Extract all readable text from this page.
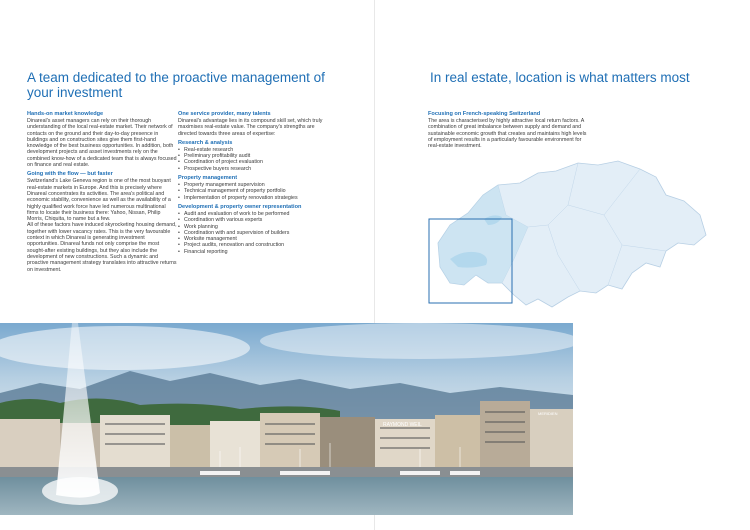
A team dedicated to the proactive management of your investment
In real estate, location is what matters most
Hands-on market knowledge

Dinareal's asset managers can rely on their thorough understanding of the local real-estate market. Their network of contacts on the ground and their day-to-day presence in buildings and on construction sites give them first-hand knowledge of the best business opportunities. In addition, both development projects and asset investments rely on the combined know-how of a dedicated team that is always focused on finance and real estate.

Going with the flow — but faster

Switzerland's Lake Geneva region is one of the most buoyant real-estate markets in Europe. And this is precisely where Dinareal concentrates its activities. The area's political and economic stability, convenience as well as the availability of a highly qualified work force have led numerous multinational firms to locate their business there: Yahoo, Nissan, Philip Morris, Chiquita, to name but a few.

All of these factors have induced skyrocketing housing demand, together with lower vacancy rates. This is the very favourable context in which Dinareal is generating investment opportunities. Dinareal funds not only comprise the most sought-after existing buildings, but they also include the development of new constructions. Such a dynamic and proactive management strategy translates into attractive returns on investment.

One service provider, many talents

Dinareal's advantage lies in its compound skill set, which truly maximises real-estate value. The company's strengths are directed towards three areas of expertise:

Research & analysis
• Real-estate research
• Preliminary profitability audit
• Coordination of project evaluation
• Prospective buyers research
Property management
• Property management supervision
• Technical management of property portfolio
• Implementation of property renovation strategies
Development & property owner representation
• Audit and evaluation of work to be performed
• Coordination with various experts
• Work planning
• Coordination with and supervision of builders
• Worksite management
• Project audits, renovation and construction
• Financial reporting
Focusing on French-speaking Switzerland

The area is characterised by highly attractive local return factors. A combination of great imbalance between supply and demand and sustainable economic growth that creates and maintains high levels of employment results in a particularly favourable environment for real-estate investment.

RAYMOND WEIL
MERIDIEN
